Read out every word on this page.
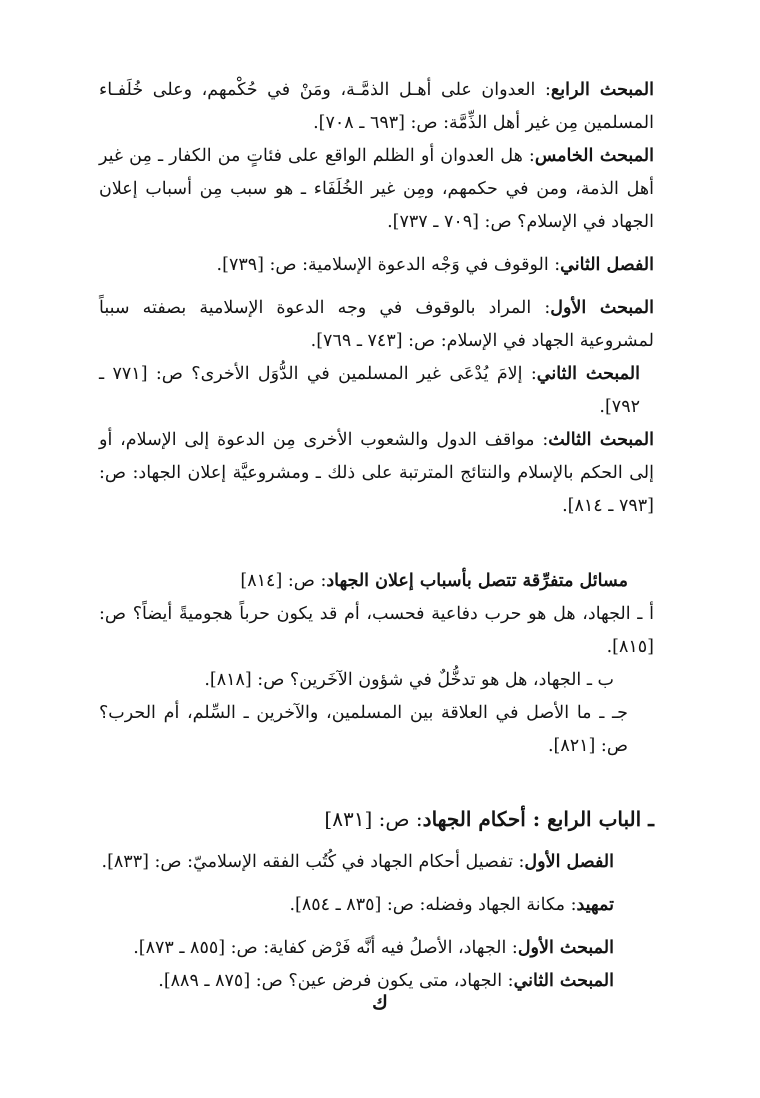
المبحث الرابع: العدوان على أهـل الذمَّـة، ومَنْ في حُكْمهم، وعلى خُلَفـاء المسلمين مِن غير أهل الذِّمَّة: ص: [٦٩٣ ـ ٧٠٨].

المبحث الخامس: هل العدوان أو الظلم الواقع على فئاتٍ من الكفار ـ مِن غير أهل الذمة، ومن في حكمهم، ومِن غير الخُلَفَاء ـ هو سبب مِن أسباب إعلان الجهاد في الإسلام؟ ص: [٧٠٩ ـ ٧٣٧].

الفصل الثاني: الوقوف في وَجْه الدعوة الإسلامية: ص: [٧٣٩].

المبحث الأول: المراد بالوقوف في وجه الدعوة الإسلامية بصفته سبباً لمشروعية الجهاد في الإسلام: ص: [٧٤٣ ـ ٧٦٩].

المبحث الثاني: إلامَ يُدْعَى غير المسلمين في الدُّوَل الأخرى؟ ص: [٧٧١ ـ ٧٩٢].

المبحث الثالث: مواقف الدول والشعوب الأخرى مِن الدعوة إلى الإسلام، أو إلى الحكم بالإسلام والنتائج المترتبة على ذلك ـ ومشروعيَّة إعلان الجهاد: ص: [٧٩٣ ـ ٨١٤].

مسائل متفرِّقة تتصل بأسباب إعلان الجهاد: ص: [٨١٤]

أ ـ الجهاد، هل هو حرب دفاعية فحسب، أم قد يكون حرباً هجوميةً أيضاً؟ ص: [٨١٥].

ب ـ الجهاد، هل هو تدخُّلٌ في شؤون الآخَرين؟ ص: [٨١٨].

جـ ـ ما الأصل في العلاقة بين المسلمين، والآخرين ـ السِّلم، أم الحرب؟ ص: [٨٢١].

ـ الباب الرابع : أحكام الجهاد: ص: [٨٣١]

الفصل الأول: تفصيل أحكام الجهاد في كُتُب الفقه الإسلاميّ: ص: [٨٣٣].

تمهيد: مكانة الجهاد وفضله: ص: [٨٣٥ ـ ٨٥٤].

المبحث الأول: الجهاد، الأصلُ فيه أنَّه فَرْض كفاية: ص: [٨٥٥ ـ ٨٧٣].

المبحث الثاني: الجهاد، متى يكون فرض عين؟ ص: [٨٧٥ ـ ٨٨٩].

ك
